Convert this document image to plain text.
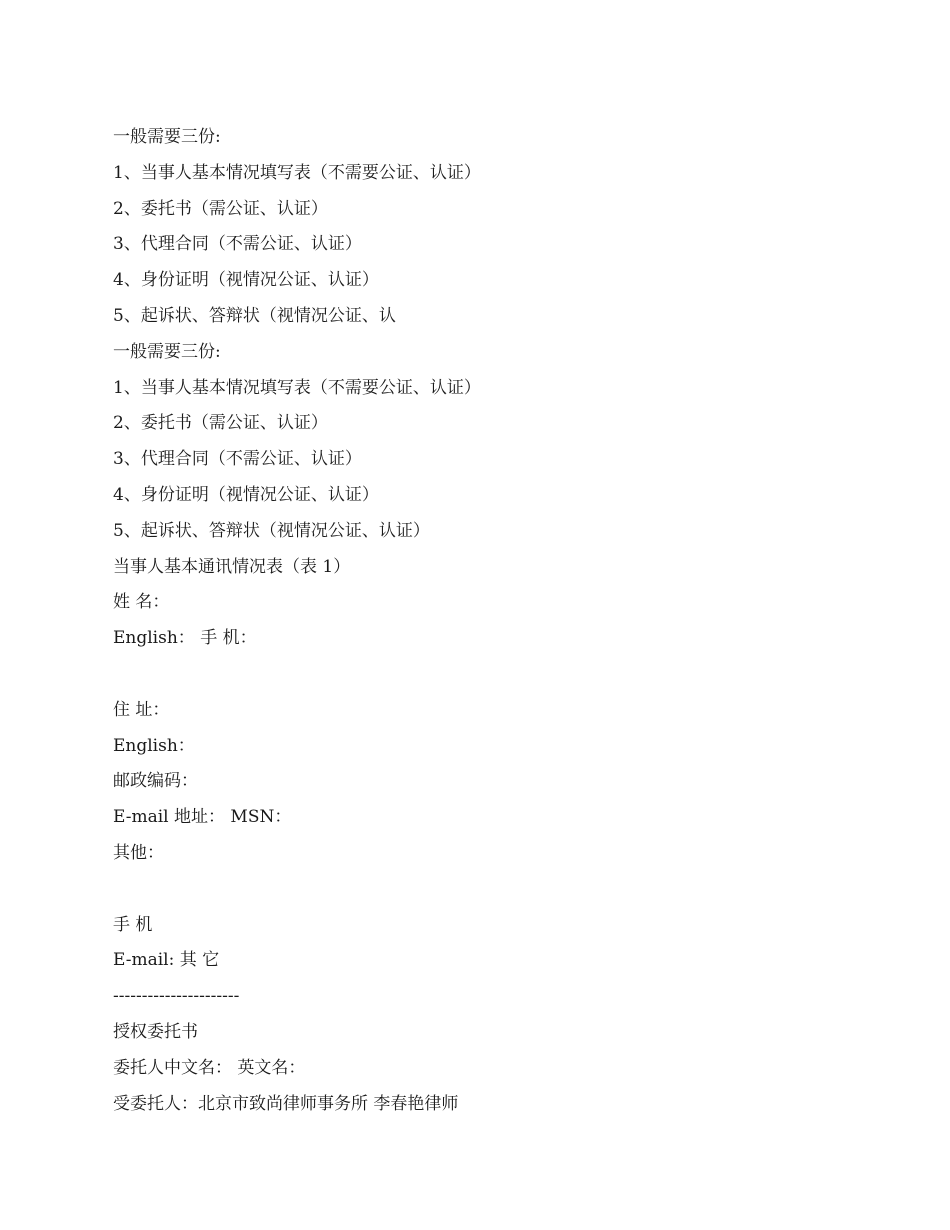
一般需要三份:
1、当事人基本情况填写表（不需要公证、认证）
2、委托书（需公证、认证）
3、代理合同（不需公证、认证）
4、身份证明（视情况公证、认证）
5、起诉状、答辩状（视情况公证、认
一般需要三份:
1、当事人基本情况填写表（不需要公证、认证）
2、委托书（需公证、认证）
3、代理合同（不需公证、认证）
4、身份证明（视情况公证、认证）
5、起诉状、答辩状（视情况公证、认证）
当事人基本通讯情况表（表 1）
姓 名：
English： 手 机：
住 址：
English：
邮政编码：
E-mail 地址： MSN：
其他：
手 机
E-mail: 其 它
----------------------
授权委托书
委托人中文名： 英文名：
受委托人：北京市致尚律师事务所 李春艳律师
